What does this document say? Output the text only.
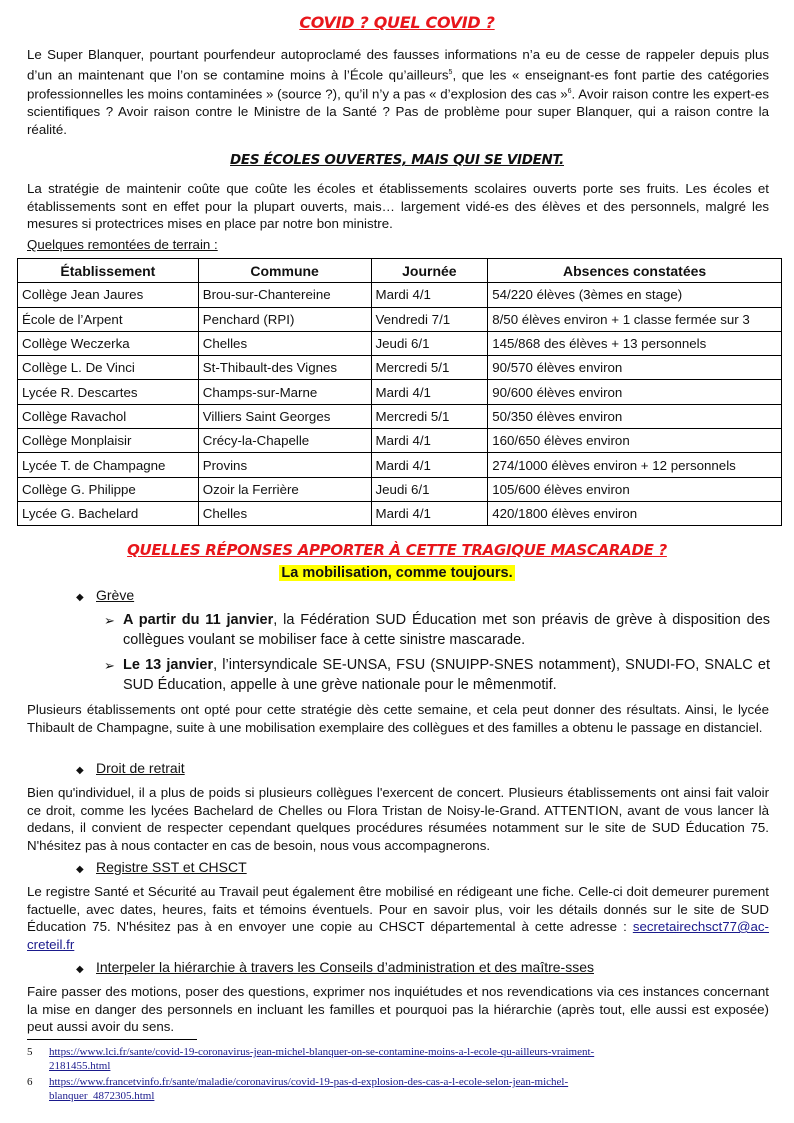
COVID ? QUEL COVID ?
Le Super Blanquer, pourtant pourfendeur autoproclamé des fausses informations n’a eu de cesse de rappeler depuis plus d’un an maintenant que l’on se contamine moins à l’École qu’ailleurs$^5$, que les « enseignant-es font partie des catégories professionnelles les moins contaminées » (source ?), qu’il n’y a pas « d’explosion des cas »$^6$. Avoir raison contre les expert-es scientifiques ? Avoir raison contre le Ministre de la Santé ? Pas de problème pour super Blanquer, qui a raison contre la réalité.
DES ÉCOLES OUVERTES, MAIS QUI SE VIDENT.
La stratégie de maintenir coûte que coûte les écoles et établissements scolaires ouverts porte ses fruits. Les écoles et établissements sont en effet pour la plupart ouverts, mais… largement vidé-es des élèves et des personnels, malgré les mesures si protectrices mises en place par notre bon ministre.
Quelques remontées de terrain :
Établissement	Commune	Journée	Absences constatées
Collège Jean Jaures	Brou-sur-Chantereine	Mardi 4/1	54/220 élèves (3èmes en stage)
École de l’Arpent	Penchard (RPI)	Vendredi 7/1	8/50 élèves environ + 1 classe fermée sur 3
Collège Weczerka	Chelles	Jeudi 6/1	145/868 des élèves + 13 personnels
Collège L. De Vinci	St-Thibault-des Vignes	Mercredi 5/1	90/570 élèves environ
Lycée R. Descartes	Champs-sur-Marne	Mardi 4/1	90/600 élèves environ
Collège Ravachol	Villiers Saint Georges	Mercredi 5/1	50/350 élèves environ
Collège Monplaisir	Crécy-la-Chapelle	Mardi 4/1	160/650 élèves environ
Lycée T. de Champagne	Provins	Mardi 4/1	274/1000 élèves environ + 12 personnels
Collège G. Philippe	Ozoir la Ferrière	Jeudi 6/1	105/600 élèves environ
Lycée G. Bachelard	Chelles	Mardi 4/1	420/1800 élèves environ
QUELLES RÉPONSES APPORTER À CETTE TRAGIQUE MASCARADE ?
La mobilisation, comme toujours.
◆ Grève
➢ A partir du 11 janvier, la Fédération SUD Éducation met son préavis de grève à disposition des collègues voulant se mobiliser face à cette sinistre mascarade.
➢ Le 13 janvier, l’intersyndicale SE-UNSA, FSU (SNUIPP-SNES notamment), SNUDI-FO, SNALC et SUD Éducation, appelle à une grève nationale pour le mêmenmotif.
Plusieurs établissements ont opté pour cette stratégie dès cette semaine, et cela peut donner des résultats. Ainsi, le lycée Thibault de Champagne, suite à une mobilisation exemplaire des collègues et des familles a obtenu le passage en distanciel.
◆ Droit de retrait
Bien qu'individuel, il a plus de poids si plusieurs collègues l'exercent de concert. Plusieurs établissements ont ainsi fait valoir ce droit, comme les lycées Bachelard de Chelles ou Flora Tristan de Noisy-le-Grand. ATTENTION, avant de vous lancer là dedans, il convient de respecter cependant quelques procédures résumées notamment sur le site de SUD Éducation 75. N'hésitez pas à nous contacter en cas de besoin, nous vous accompagnerons.
◆ Registre SST et CHSCT
Le registre Santé et Sécurité au Travail peut également être mobilisé en rédigeant une fiche. Celle-ci doit demeurer purement factuelle, avec dates, heures, faits et témoins éventuels. Pour en savoir plus, voir les détails donnés sur le site de SUD Éducation 75. N'hésitez pas à en envoyer une copie au CHSCT départemental à cette adresse : secretairechsct77@ac-creteil.fr
◆ Interpeler la hiérarchie à travers les Conseils d’administration et des maître-sses
Faire passer des motions, poser des questions, exprimer nos inquiétudes et nos revendications via ces instances concernant la mise en danger des personnels en incluant les familles et pourquoi pas la hiérarchie (après tout, elle aussi est exposée) peut aussi avoir du sens.
5 https://www.lci.fr/sante/covid-19-coronavirus-jean-michel-blanquer-on-se-contamine-moins-a-l-ecole-qu-ailleurs-vraiment-
2181455.html
6 https://www.francetvinfo.fr/sante/maladie/coronavirus/covid-19-pas-d-explosion-des-cas-a-l-ecole-selon-jean-michel-
blanquer_4872305.html
